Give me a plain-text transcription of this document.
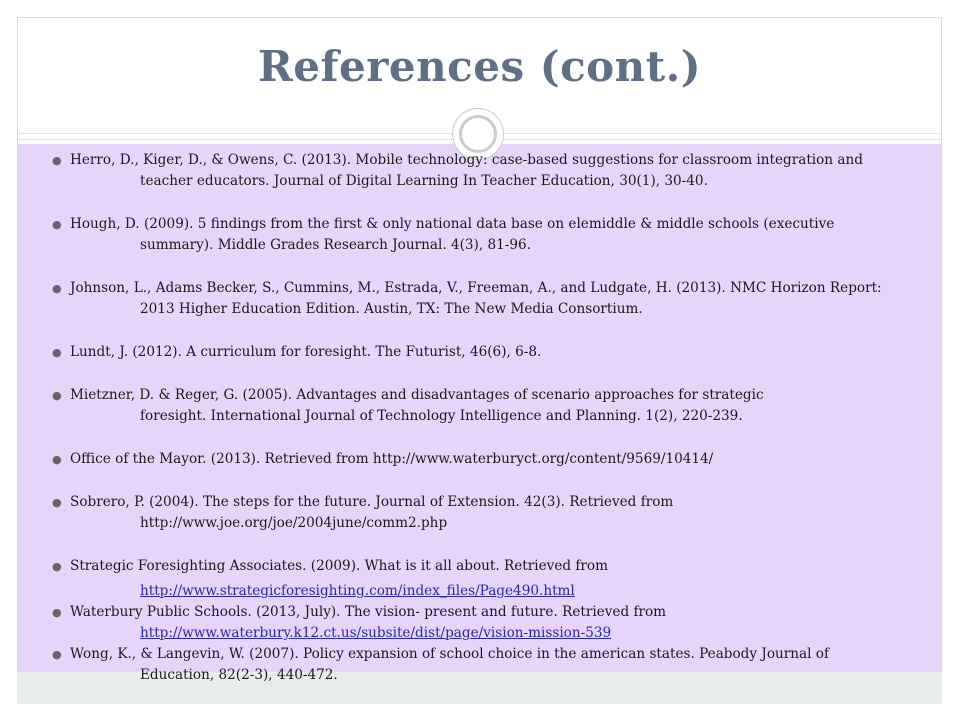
References (cont.)
● Herro, D., Kiger, D., & Owens, C. (2013). Mobile technology: case-based suggestions for classroom integration and
teacher educators. Journal of Digital Learning In Teacher Education, 30(1), 30-40.
● Hough, D. (2009). 5 findings from the first & only national data base on elemiddle & middle schools (executive
summary). Middle Grades Research Journal. 4(3), 81-96.
● Johnson, L., Adams Becker, S., Cummins, M., Estrada, V., Freeman, A., and Ludgate, H. (2013). NMC Horizon Report:
2013 Higher Education Edition. Austin, TX: The New Media Consortium.
● Lundt, J. (2012). A curriculum for foresight. The Futurist, 46(6), 6-8.
● Mietzner, D. & Reger, G. (2005). Advantages and disadvantages of scenario approaches for strategic
foresight. International Journal of Technology Intelligence and Planning. 1(2), 220-239.
● Office of the Mayor. (2013). Retrieved from http://www.waterburyct.org/content/9569/10414/
● Sobrero, P. (2004). The steps for the future. Journal of Extension. 42(3). Retrieved from
http://www.joe.org/joe/2004june/comm2.php
● Strategic Foresighting Associates. (2009). What is it all about. Retrieved from
http://www.strategicforesighting.com/index_files/Page490.html
● Waterbury Public Schools. (2013, July). The vision- present and future. Retrieved from
http://www.waterbury.k12.ct.us/subsite/dist/page/vision-mission-539
● Wong, K., & Langevin, W. (2007). Policy expansion of school choice in the american states. Peabody Journal of
Education, 82(2-3), 440-472.
